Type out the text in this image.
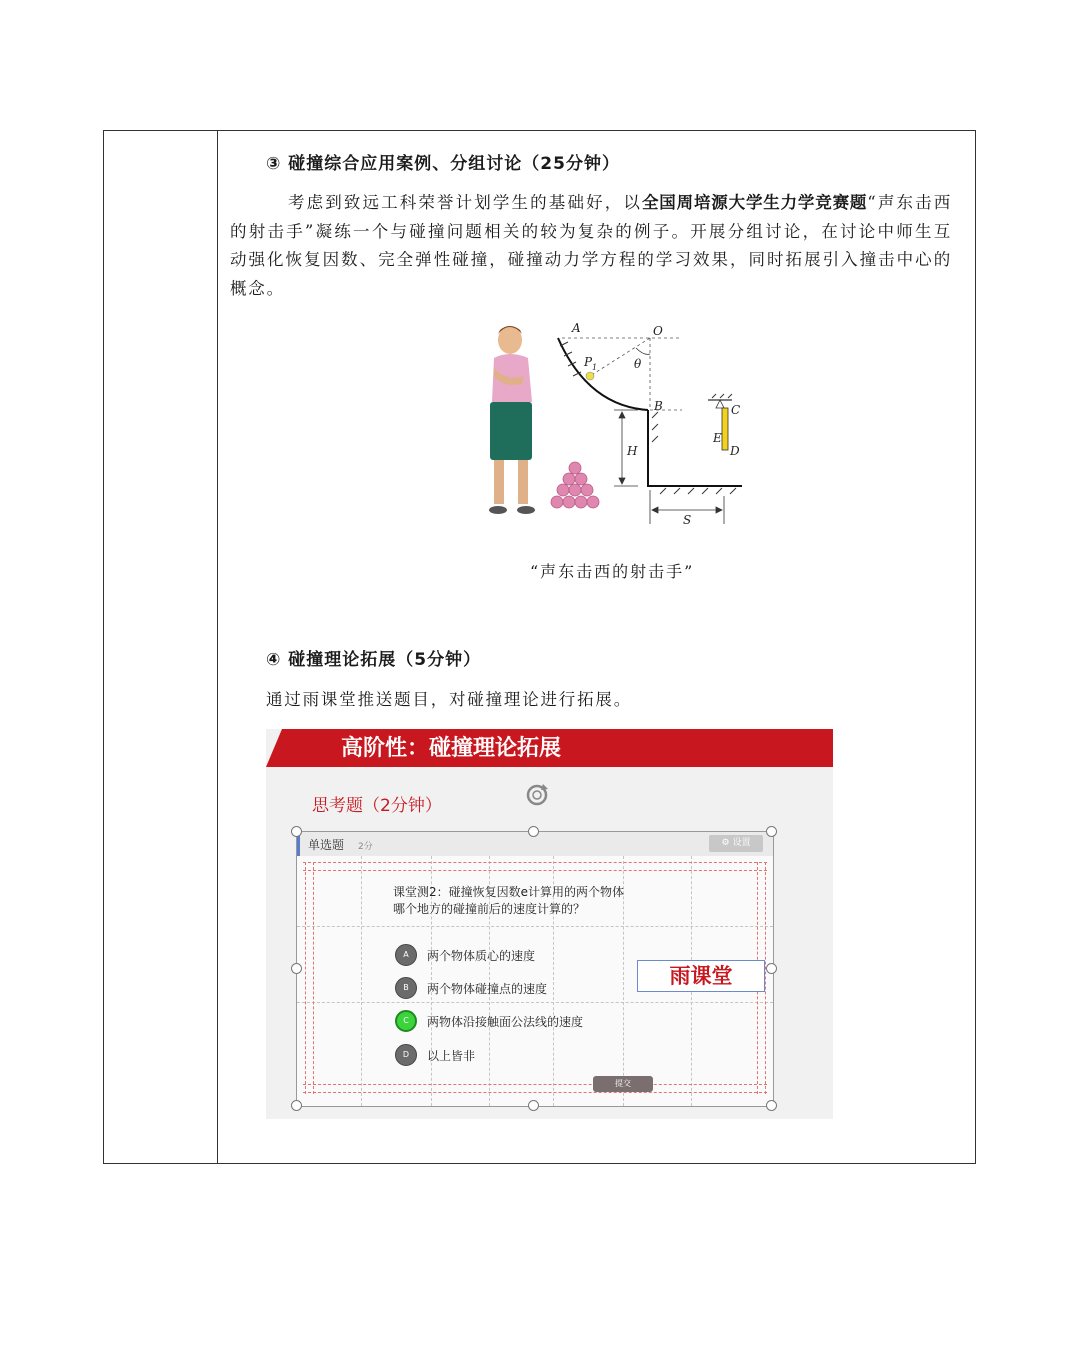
③ 碰撞综合应用案例、分组讨论（25分钟）
考虑到致远工科荣誉计划学生的基础好，以全国周培源大学生力学竞赛题“声东击西的射击手”凝练一个与碰撞问题相关的较为复杂的例子。开展分组讨论，在讨论中师生互动强化恢复因数、完全弹性碰撞，碰撞动力学方程的学习效果，同时拓展引入撞击中心的概念。
“声东击西的射击手”
④ 碰撞理论拓展（5分钟）
通过雨课堂推送题目，对碰撞理论进行拓展。
A	O
P 1	θ
B	C
E
D
H
S
高阶性：碰撞理论拓展
思考题（2分钟）
单选题 2分	⚙ 设置
课堂测2：碰撞恢复因数e计算用的两个物体
哪个地方的碰撞前后的速度计算的？
A	两个物体质心的速度
B	两个物体碰撞点的速度
C	两物体沿接触面公法线的速度
D	以上皆非
提交
雨课堂
